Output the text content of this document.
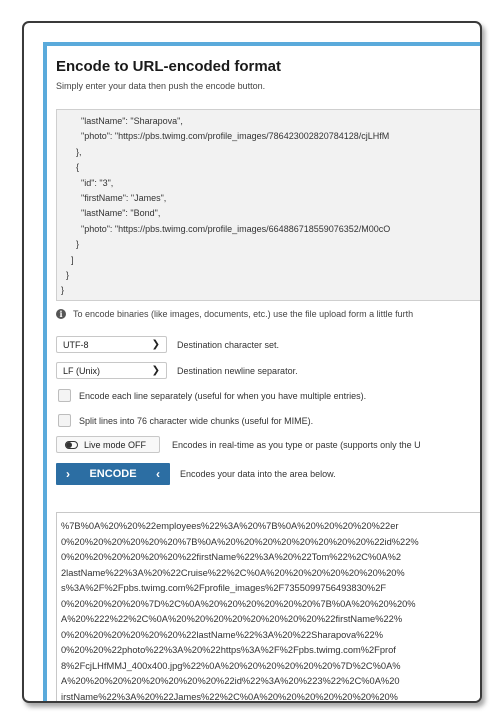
Encode to URL-encoded format
Simply enter your data then push the encode button.
"lastName": "Sharapova",
"photo": "https://pbs.twimg.com/profile_images/786423002820784128/cjLHfM
},
{
"id": "3",
"firstName": "James",
"lastName": "Bond",
"photo": "https://pbs.twimg.com/profile_images/664886718559076352/M00cO
}
]
}
}
i	To encode binaries (like images, documents, etc.) use the file upload form a little furth
UTF-8	❯ Destination character set.
LF (Unix)	❯ Destination newline separator.
Encode each line separately (useful for when you have multiple entries).
Split lines into 76 character wide chunks (useful for MIME).
Live mode OFF	Encodes in real-time as you type or paste (supports only the U
› ENCODE ‹ Encodes your data into the area below.
%7B%0A%20%20%22employees%22%3A%20%7B%0A%20%20%20%20%22er
0%20%20%20%20%20%20%7B%0A%20%20%20%20%20%20%20%20%22id%22%
0%20%20%20%20%20%20%22firstName%22%3A%20%22Tom%22%2C%0A%2
2lastName%22%3A%20%22Cruise%22%2C%0A%20%20%20%20%20%20%20%
s%3A%2F%2Fpbs.twimg.com%2Fprofile_images%2F7355099756493830%2F
0%20%20%20%20%7D%2C%0A%20%20%20%20%20%20%7B%0A%20%20%20%
A%20%222%22%2C%0A%20%20%20%20%20%20%20%20%22firstName%22%
0%20%20%20%20%20%20%22lastName%22%3A%20%22Sharapova%22%
0%20%20%22photo%22%3A%20%22https%3A%2F%2Fpbs.twimg.com%2Fprof
8%2FcjLHfMMJ_400x400.jpg%22%0A%20%20%20%20%20%20%7D%2C%0A%
A%20%20%20%20%20%20%20%20%22id%22%3A%20%223%22%2C%0A%20
irstName%22%3A%20%22James%22%2C%0A%20%20%20%20%20%20%20%
